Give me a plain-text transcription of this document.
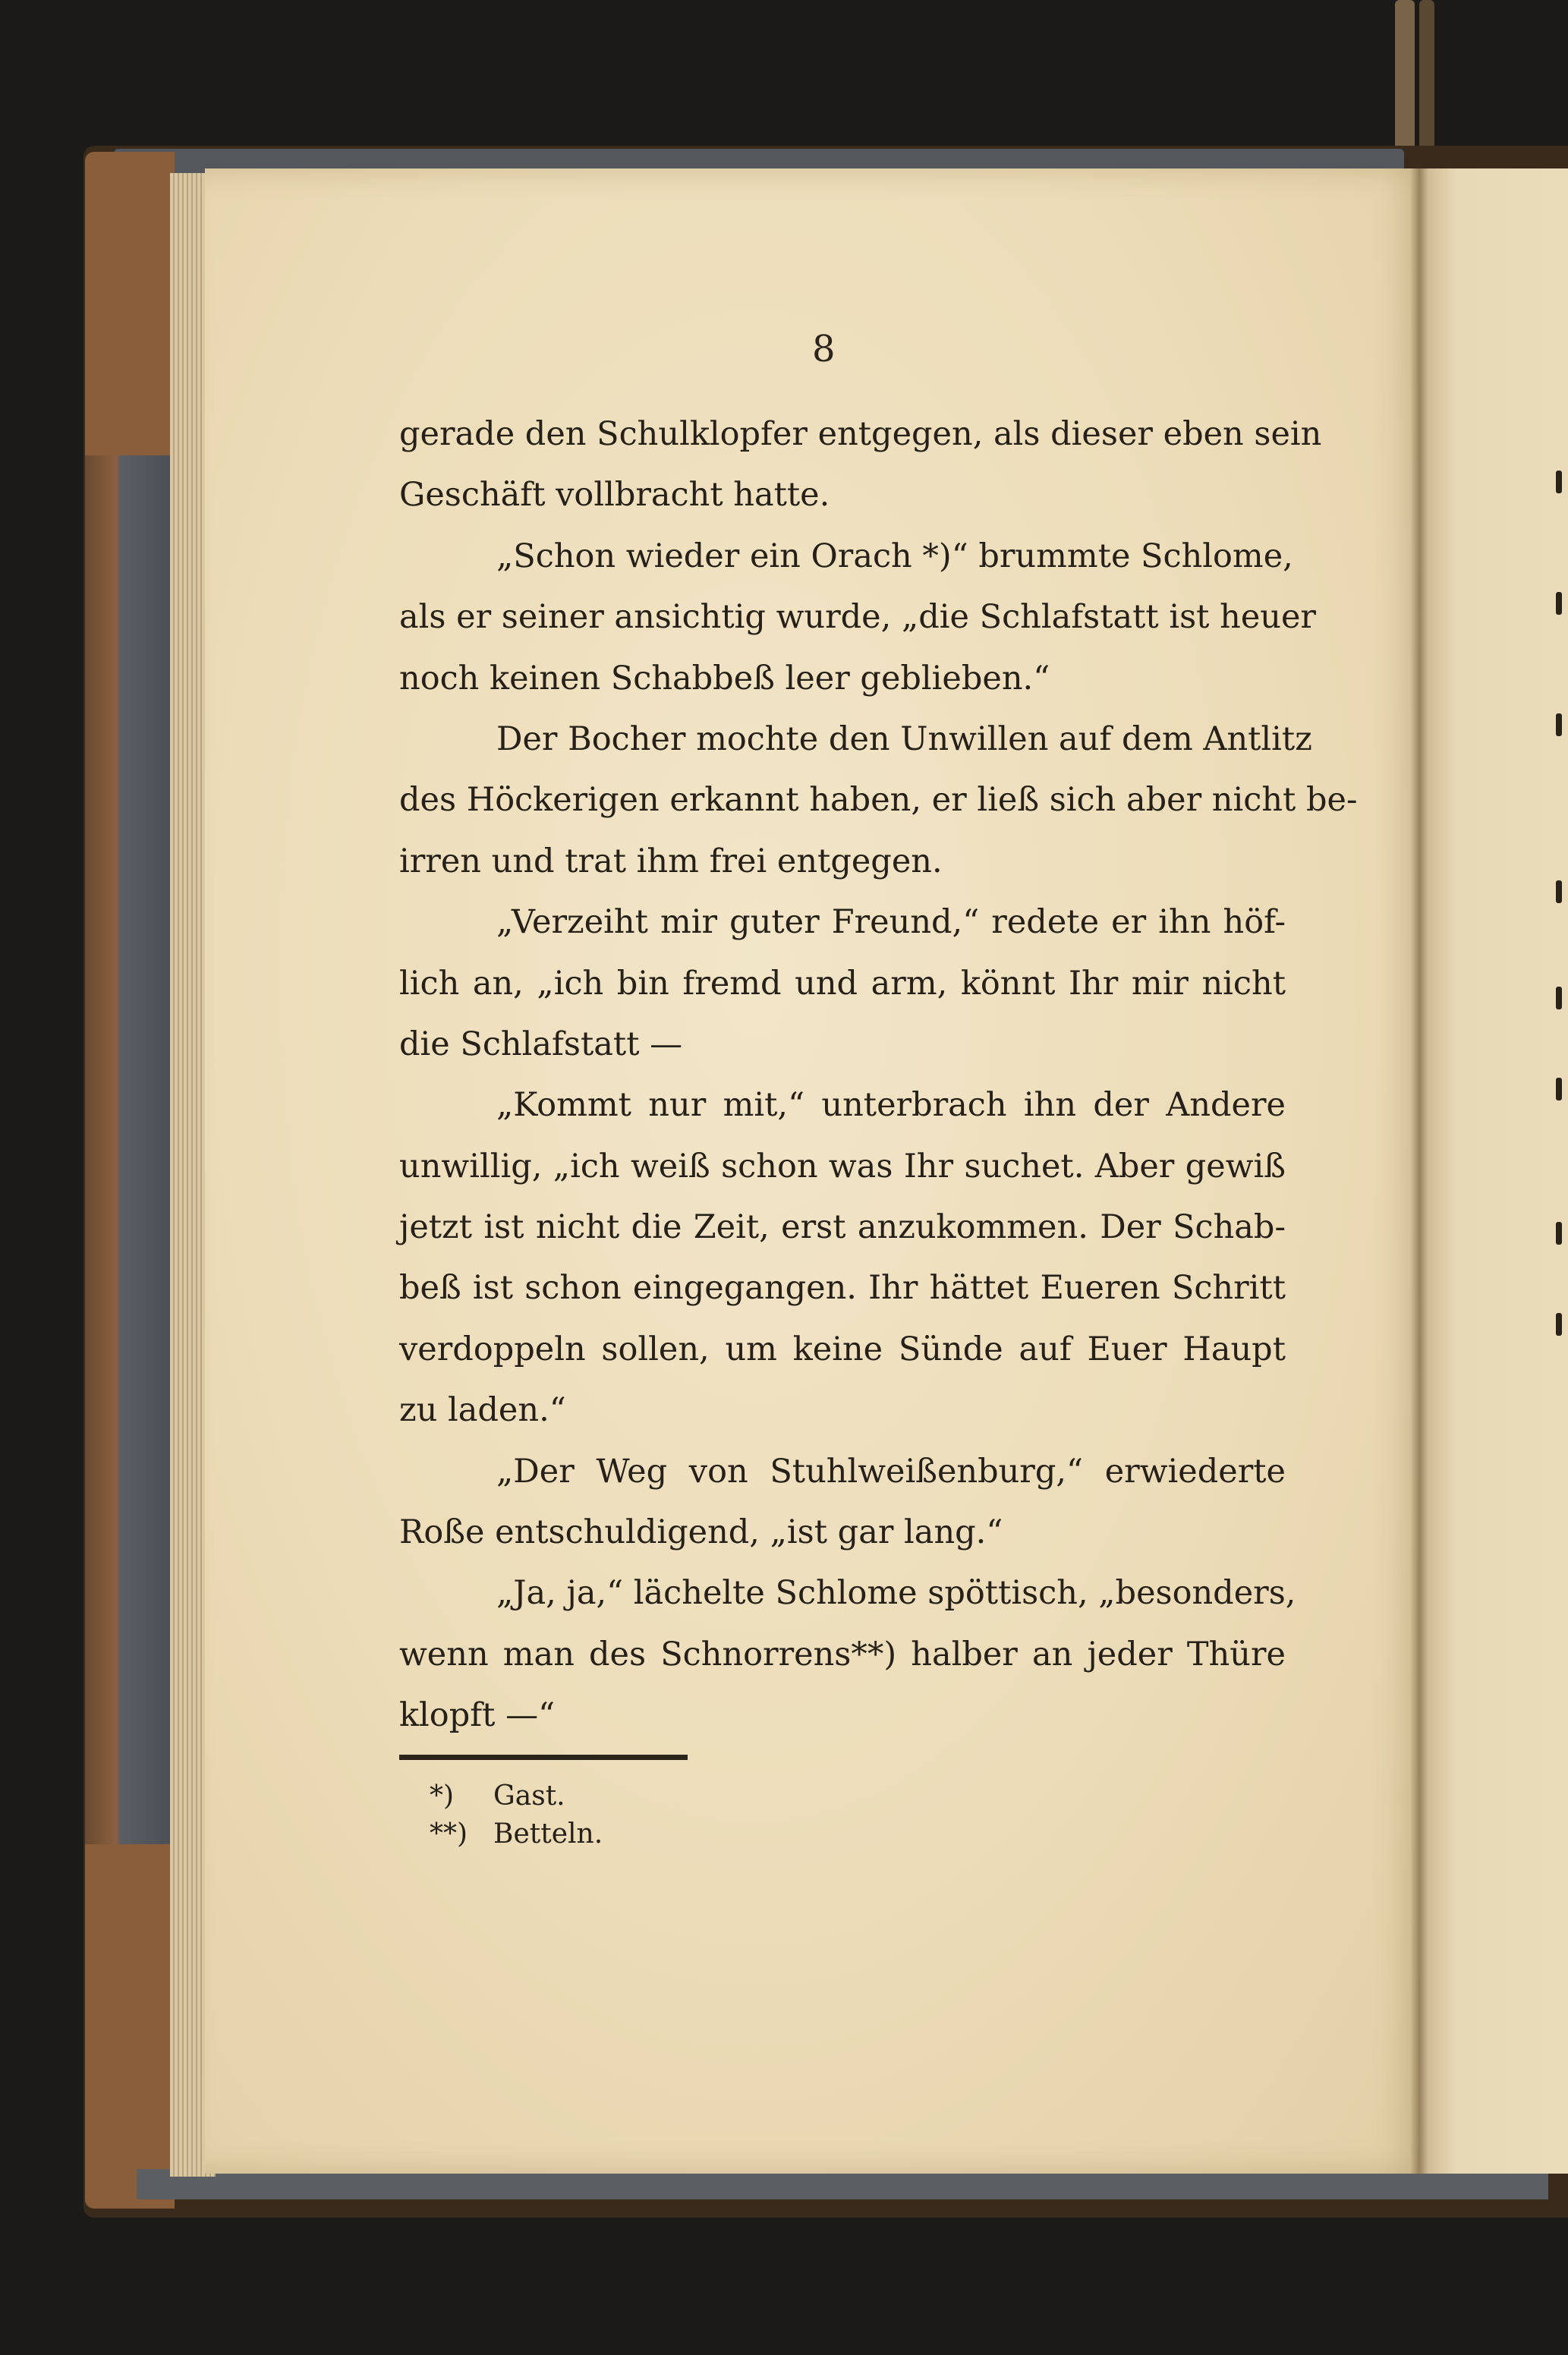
8
gerade den Schulklopfer entgegen, als dieser eben sein
Geschäft vollbracht hatte.
„Schon wieder ein Orach *)“ brummte Schlome,
als er seiner ansichtig wurde, „die Schlafstatt ist heuer
noch keinen Schabbeß leer geblieben.“
Der Bocher mochte den Unwillen auf dem Antlitz
des Höckerigen erkannt haben, er ließ sich aber nicht be-
irren und trat ihm frei entgegen.
„Verzeiht mir guter Freund,“ redete er ihn höf-
lich an, „ich bin fremd und arm, könnt Ihr mir nicht
die Schlafstatt —
„Kommt nur mit,“ unterbrach ihn der Andere
unwillig, „ich weiß schon was Ihr suchet. Aber gewiß
jetzt ist nicht die Zeit, erst anzukommen. Der Schab-
beß ist schon eingegangen. Ihr hättet Eueren Schritt
verdoppeln sollen, um keine Sünde auf Euer Haupt
zu laden.“
„Der Weg von Stuhlweißenburg,“ erwiederte
Roße entschuldigend, „ist gar lang.“
„Ja, ja,“ lächelte Schlome spöttisch, „besonders,
wenn man des Schnorrens**) halber an jeder Thüre
klopft —“
*) Gast.
**) Betteln.
